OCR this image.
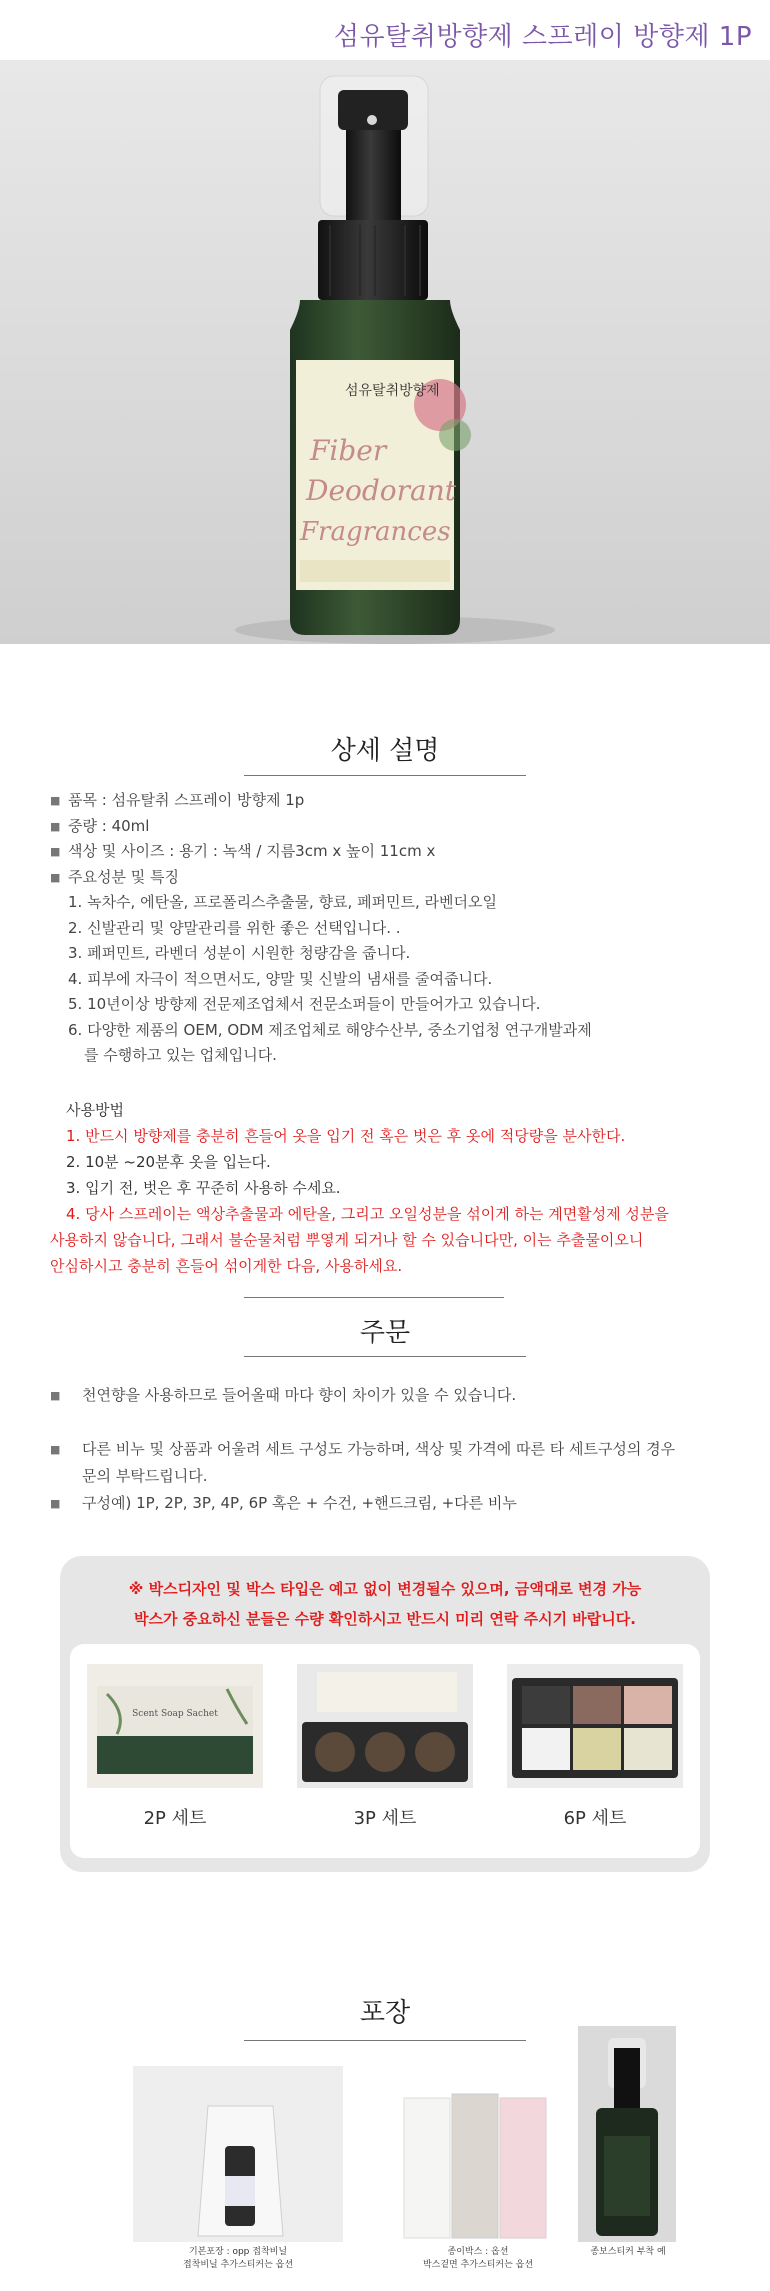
섬유탈취방향제 스프레이 방향제 1P
섬유탈취방향제
Fiber
Deodorant
Fragrances
상세 설명
■ 품목 : 섬유탈취 스프레이 방향제 1p
■ 중량 : 40ml
■ 색상 및 사이즈 : 용기 : 녹색 / 지름3cm x 높이 11cm x
■ 주요성분 및 특징
1. 녹차수, 에탄올, 프로폴리스추출물, 향료, 페퍼민트, 라벤더오일
2. 신발관리 및 양말관리를 위한 좋은 선택입니다. .
3. 페퍼민트, 라벤더 성분이 시원한 청량감을 줍니다.
4. 피부에 자극이 적으면서도, 양말 및 신발의 냄새를 줄여줍니다.
5. 10년이상 방향제 전문제조업체서 전문소퍼들이 만들어가고 있습니다.
6. 다양한 제품의 OEM, ODM 제조업체로 해양수산부, 중소기업청 연구개발과제
를 수행하고 있는 업체입니다.
사용방법
1. 반드시 방향제를 충분히 흔들어 옷을 입기 전 혹은 벗은 후 옷에 적당량을 분사한다.
2. 10분 ~20분후 옷을 입는다.
3. 입기 전, 벗은 후 꾸준히 사용하 수세요.
4. 당사 스프레이는 액상추출물과 에탄올, 그리고 오일성분을 섞이게 하는 계면활성제 성분을
사용하지 않습니다, 그래서 불순물처럼 뿌옇게 되거나 할 수 있습니다만, 이는 추출물이오니
안심하시고 충분히 흔들어 섞이게한 다음, 사용하세요.
주문
■	천연향을 사용하므로 들어올때 마다 향이 차이가 있을 수 있습니다.
■	다른 비누 및 상품과 어울려 세트 구성도 가능하며, 색상 및 가격에 따른 타 세트구성의 경우
문의 부탁드립니다.
■	구성예) 1P, 2P, 3P, 4P, 6P 혹은 + 수건, +핸드크림, +다른 비누
※ 박스디자인 및 박스 타입은 예고 없이 변경될수 있으며, 금액대로 변경 가능
박스가 중요하신 분들은 수량 확인하시고 반드시 미리 연락 주시기 바랍니다.
Scent Soap Sachet
2P 세트	3P 세트	6P 세트
포장
기본포장 : opp 접착비닐
접착비닐 추가스티커는 옵션
종이박스 : 옵션
박스겉면 추가스티커는 옵션
종보스티커 부착 예
